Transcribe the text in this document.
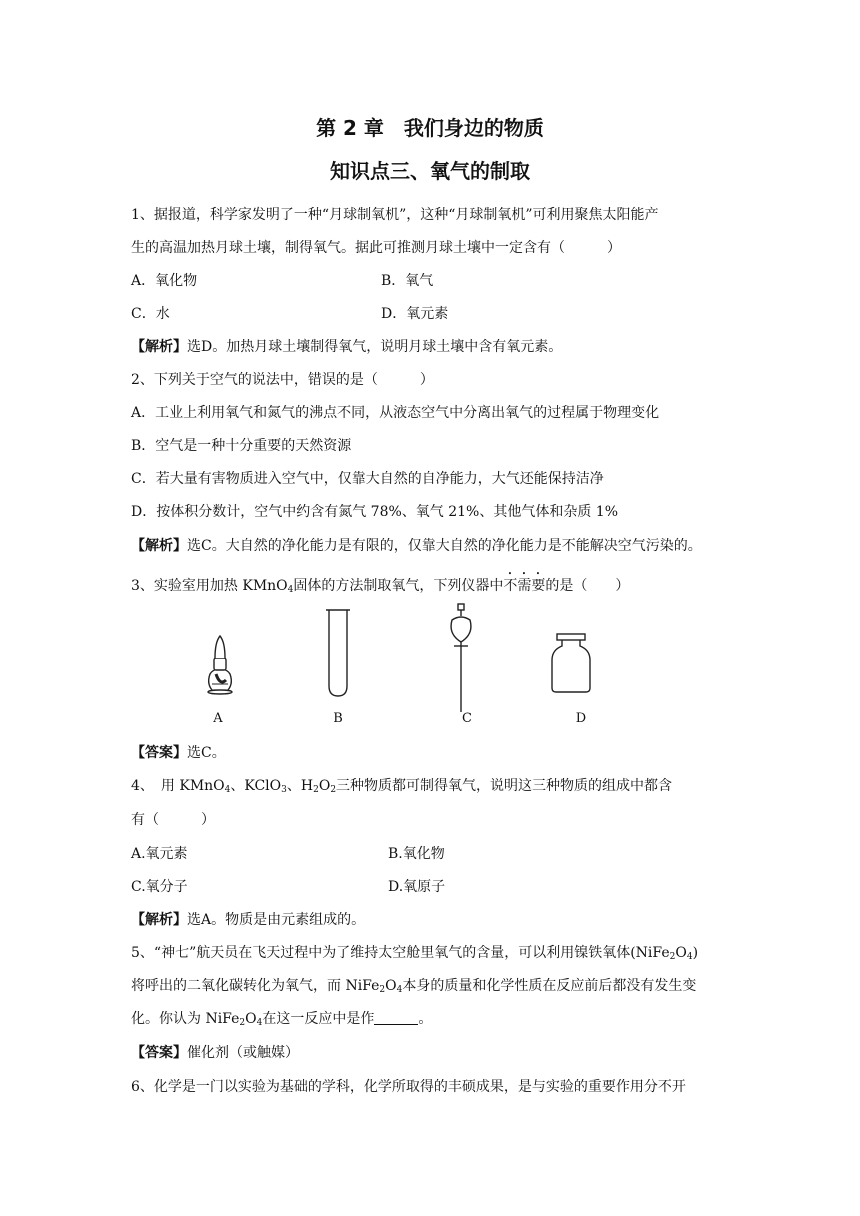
第 2 章　我们身边的物质
知识点三、氧气的制取
1、据报道，科学家发明了一种“月球制氧机”，这种“月球制氧机”可利用聚焦太阳能产
生的高温加热月球土壤，制得氧气。据此可推测月球土壤中一定含有（　　　）
A．氧化物	B．氧气
C．水	D．氧元素
【解析】选D。加热月球土壤制得氧气，说明月球土壤中含有氧元素。
2、下列关于空气的说法中，错误的是（　　　）
A．工业上利用氧气和氮气的沸点不同，从液态空气中分离出氧气的过程属于物理变化
B．空气是一种十分重要的天然资源
C．若大量有害物质进入空气中，仅靠大自然的自净能力，大气还能保持洁净
D．按体积分数计，空气中约含有氮气 78%、氧气 21%、其他气体和杂质 1%
【解析】选C。大自然的净化能力是有限的，仅靠大自然的净化能力是不能解决空气污染的。
3、实验室用加热 KMnO$_4$固体的方法制取氧气，下列仪器中不需要的是（　　）
A	B	C	D
【答案】选C。
4、　用 KMnO$_4$、KClO$_3$、$H_2O_2$三种物质都可制得氧气，说明这三种物质的组成中都含
有（　　　）
A.氧元素	B.氧化物
C.氧分子	D.氧原子
【解析】选A。物质是由元素组成的。
5、“神七”航天员在飞天过程中为了维持太空舱里氧气的含量，可以利用镍铁氧体$(NiFe_2O_4)$
将呼出的二氧化碳转化为氧气，而 $NiFe_2O_4$本身的质量和化学性质在反应前后都没有发生变
化。你认为 $NiFe_2O_4$在这一反应中是作	。
【答案】催化剂（或触媒）
6、化学是一门以实验为基础的学科，化学所取得的丰硕成果，是与实验的重要作用分不开
